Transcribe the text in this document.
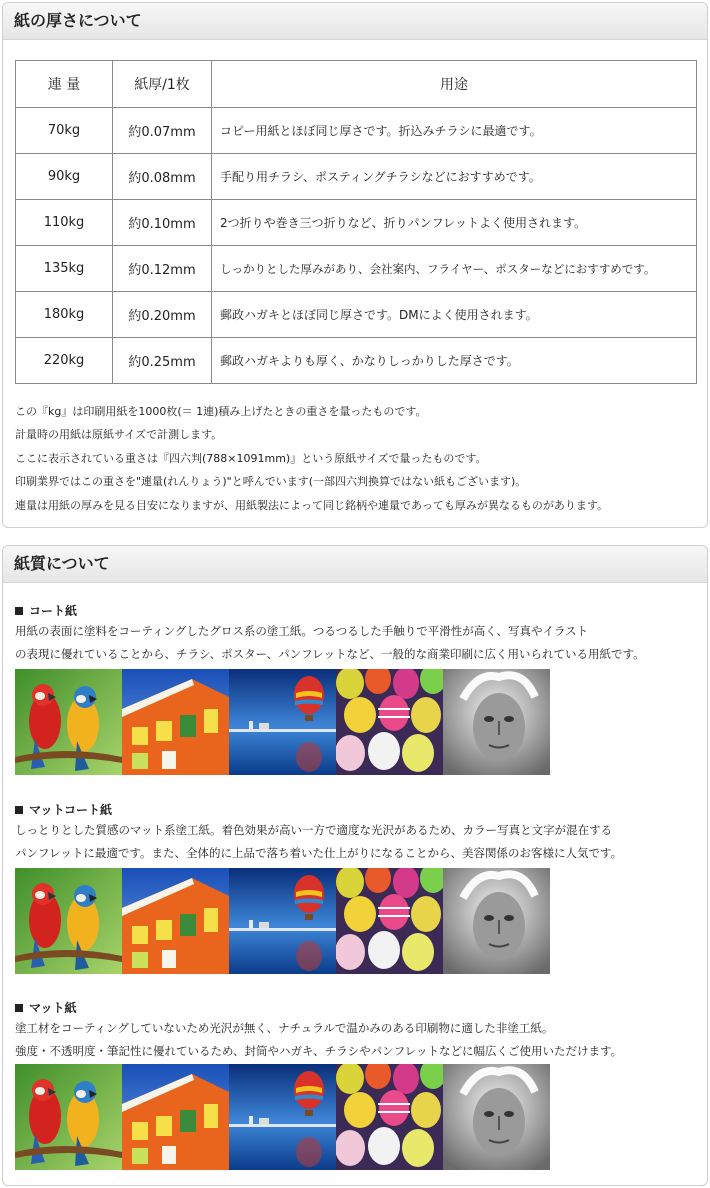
紙の厚さについて
連 量	紙厚/1枚	用途
70kg	約0.07mm	コピー用紙とほぼ同じ厚さです。折込みチラシに最適です。
90kg	約0.08mm	手配り用チラシ、ポスティングチラシなどにおすすめです。
110kg	約0.10mm	2つ折りや巻き三つ折りなど、折りパンフレットよく使用されます。
135kg	約0.12mm	しっかりとした厚みがあり、会社案内、フライヤー、ポスターなどにおすすめです。
180kg	約0.20mm	郵政ハガキとほぼ同じ厚さです。DMによく使用されます。
220kg	約0.25mm	郵政ハガキよりも厚く、かなりしっかりした厚さです。
この『kg』は印刷用紙を1000枚(＝ 1連)積み上げたときの重さを量ったものです。
計量時の用紙は原紙サイズで計測します。
ここに表示されている重さは『四六判(788×1091mm)』という原紙サイズで量ったものです。
印刷業界ではこの重さを"連量(れんりょう)"と呼んでいます(一部四六判換算ではない紙もございます)。
連量は用紙の厚みを見る目安になりますが、用紙製法によって同じ銘柄や連量であっても厚みが異なるものがあります。
紙質について
コート紙
用紙の表面に塗料をコーティングしたグロス系の塗工紙。つるつるした手触りで平滑性が高く、写真やイラスト
の表現に優れていることから、チラシ、ポスター、パンフレットなど、一般的な商業印刷に広く用いられている用紙です。
マットコート紙
しっとりとした質感のマット系塗工紙。着色効果が高い一方で適度な光沢があるため、カラー写真と文字が混在する
パンフレットに最適です。また、全体的に上品で落ち着いた仕上がりになることから、美容関係のお客様に人気です。
マット紙
塗工材をコーティングしていないため光沢が無く、ナチュラルで温かみのある印刷物に適した非塗工紙。
強度・不透明度・筆記性に優れているため、封筒やハガキ、チラシやパンフレットなどに幅広くご使用いただけます。
